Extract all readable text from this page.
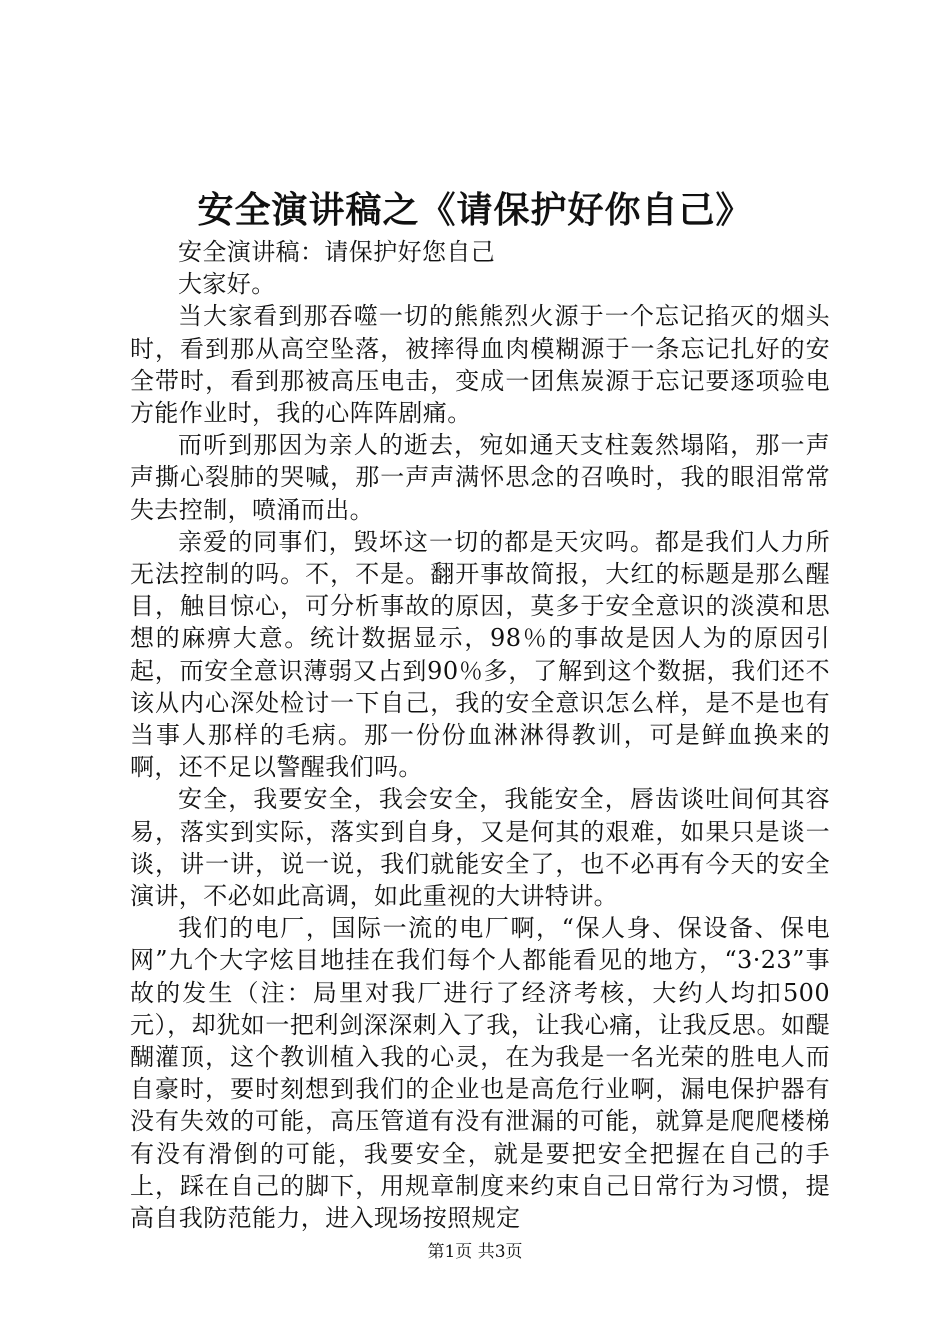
安全演讲稿之《请保护好你自己》

安全演讲稿：请保护好您自己

大家好。

当大家看到那吞噬一切的熊熊烈火源于一个忘记掐灭的烟头时，看到那从高空坠落，被摔得血肉模糊源于一条忘记扎好的安全带时，看到那被高压电击，变成一团焦炭源于忘记要逐项验电方能作业时，我的心阵阵剧痛。

而听到那因为亲人的逝去，宛如通天支柱轰然塌陷，那一声声撕心裂肺的哭喊，那一声声满怀思念的召唤时，我的眼泪常常失去控制，喷涌而出。

亲爱的同事们，毁坏这一切的都是天灾吗。都是我们人力所无法控制的吗。不，不是。翻开事故简报，大红的标题是那么醒目，触目惊心，可分析事故的原因，莫多于安全意识的淡漠和思想的麻痹大意。统计数据显示，98％的事故是因人为的原因引起，而安全意识薄弱又占到90％多，了解到这个数据，我们还不该从内心深处检讨一下自己，我的安全意识怎么样，是不是也有当事人那样的毛病。那一份份血淋淋得教训，可是鲜血换来的啊，还不足以警醒我们吗。

安全，我要安全，我会安全，我能安全，唇齿谈吐间何其容易，落实到实际，落实到自身，又是何其的艰难，如果只是谈一谈，讲一讲，说一说，我们就能安全了，也不必再有今天的安全演讲，不必如此高调，如此重视的大讲特讲。

我们的电厂，国际一流的电厂啊，“保人身、保设备、保电网”九个大字炫目地挂在我们每个人都能看见的地方，“3·23”事故的发生（注：局里对我厂进行了经济考核，大约人均扣500元），却犹如一把利剑深深刺入了我，让我心痛，让我反思。如醍醐灌顶，这个教训植入我的心灵，在为我是一名光荣的胜电人而自豪时，要时刻想到我们的企业也是高危行业啊，漏电保护器有没有失效的可能，高压管道有没有泄漏的可能，就算是爬爬楼梯有没有滑倒的可能，我要安全，就是要把安全把握在自己的手上，踩在自己的脚下，用规章制度来约束自己日常行为习惯，提高自我防范能力，进入现场按照规定

第1页 共3页
